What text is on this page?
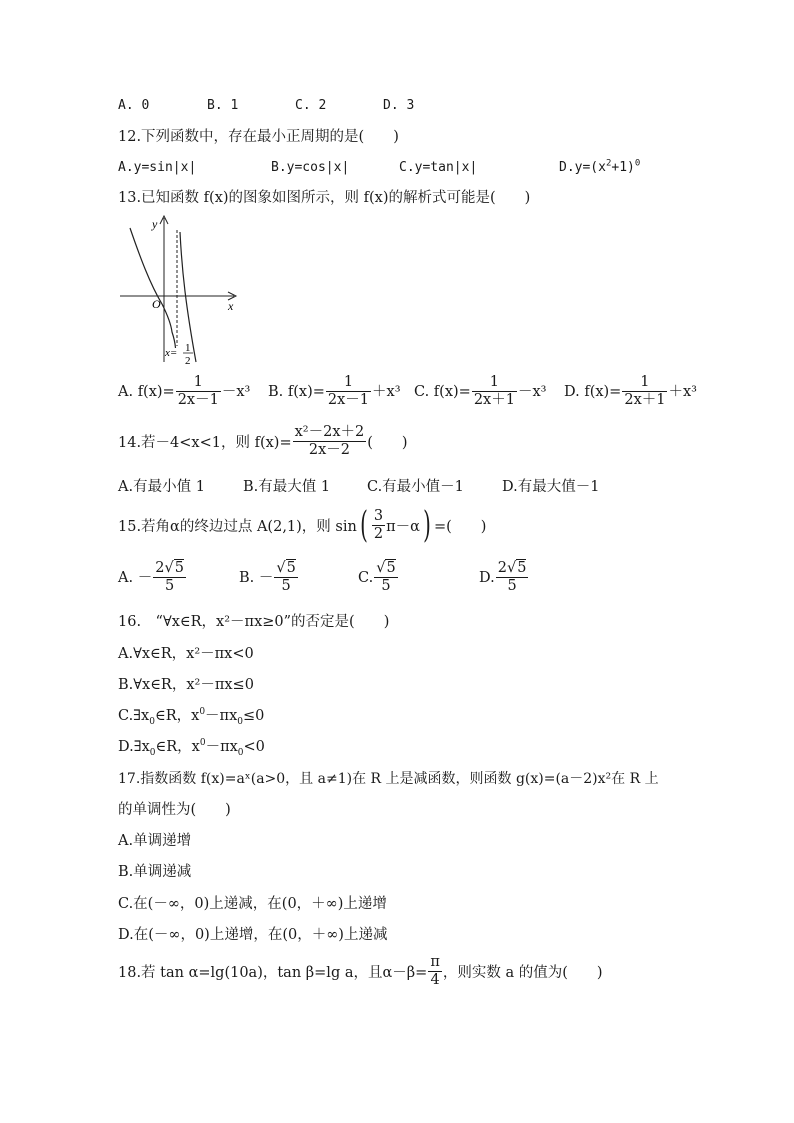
A. 0	B. 1	C. 2	D. 3
12.下列函数中，存在最小正周期的是(　　)
A.y=sin|x|	B.y=cos|x|	C.y=tan|x|	$D.y=(x^2+1)^0$
13.已知函数 f(x)的图象如图所示，则 f(x)的解析式可能是(　　)
y
x
O
x= 1
2
A. $f(x)= \frac{1}{2x-1} -x^3$ B. $f(x)= \frac{1}{2x-1} +x^3$ C. $f(x)= \frac{1}{2x+1} -x^3$ D. $f(x)= \frac{1}{2x+1} +x^3$
14.若－4<x<1，则 $f(x)= \frac{\text{x²－2x＋2}}{2x-2}$ (　　)
A.有最小值 1	B.有最大值 1	C.有最小值－1	D.有最大值－1
15.若角α的终边过点 A(2,1)，则 sin ( $\frac{3}{2} \pi-\alpha$ ) =(　　)
A. － $\frac{2√5}{5}$	B. － $\frac{√5}{5}$	C. $\frac{√5}{5}$	D. $\frac{2√5}{5}$
16.　“∀x∈R，x²－πx≥0”的否定是(　　)
A.∀x∈R，x²－πx<0
B.∀x∈R，x²－πx≤0
$C.\exists x_0\in R$，$x^0-\pi x_0\le 0$
$D.\exists x_0\in R$，$x^0-\pi x_0<0$
17.指数函数 f(x)=aˣ(a>0，且 a≠1)在 R 上是减函数，则函数 g(x)=(a－2)x²在 R 上
的单调性为(　　)
A.单调递增
B.单调递减
C.在(－∞，0)上递减，在(0，＋∞)上递增
D.在(－∞，0)上递增，在(0，＋∞)上递减
18.若 tan α=lg(10a)，tan β=lg a，且$\alpha-\beta= \frac{\pi}{4}$ ，则实数 a 的值为(　　)
